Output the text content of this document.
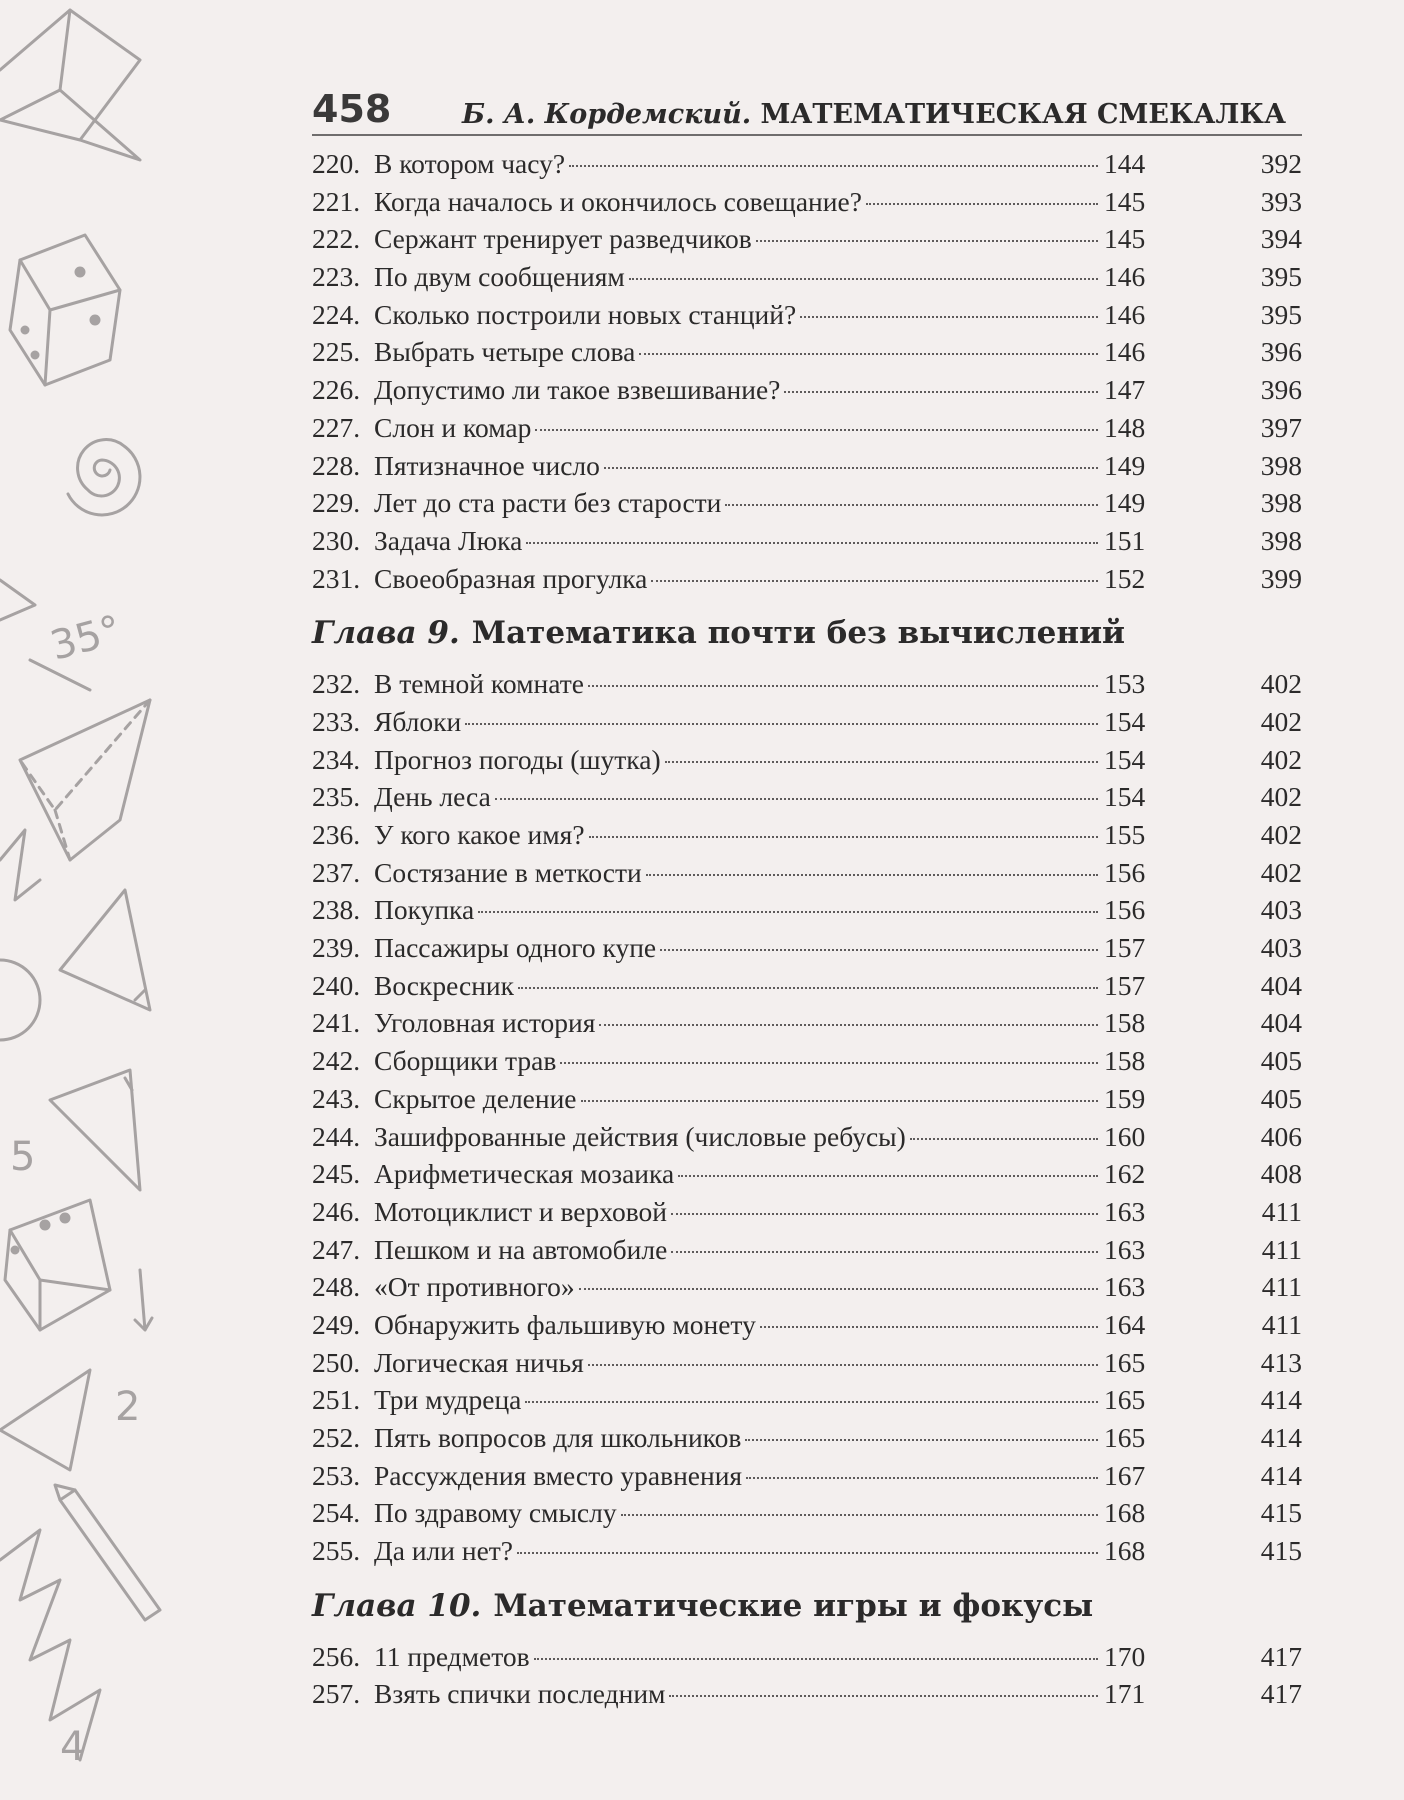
35°
5
2
4
458	Б. А. Кордемский. МАТЕМАТИЧЕСКАЯ СМЕКАЛКА
220. В котором часу?	144	392
221. Когда началось и окончилось совещание?	145	393
222. Сержант тренирует разведчиков	145	394
223. По двум сообщениям	146	395
224. Сколько построили новых станций?	146	395
225. Выбрать четыре слова	146	396
226. Допустимо ли такое взвешивание?	147	396
227. Слон и комар	148	397
228. Пятизначное число	149	398
229. Лет до ста расти без старости	149	398
230. Задача Люка	151	398
231. Своеобразная прогулка	152	399
Глава 9. Математика почти без вычислений
232. В темной комнате	153	402
233. Яблоки	154	402
234. Прогноз погоды (шутка)	154	402
235. День леса	154	402
236. У кого какое имя?	155	402
237. Состязание в меткости	156	402
238. Покупка	156	403
239. Пассажиры одного купе	157	403
240. Воскресник	157	404
241. Уголовная история	158	404
242. Сборщики трав	158	405
243. Скрытое деление	159	405
244. Зашифрованные действия (числовые ребусы)	160	406
245. Арифметическая мозаика	162	408
246. Мотоциклист и верховой	163	411
247. Пешком и на автомобиле	163	411
248. «От противного»	163	411
249. Обнаружить фальшивую монету	164	411
250. Логическая ничья	165	413
251. Три мудреца	165	414
252. Пять вопросов для школьников	165	414
253. Рассуждения вместо уравнения	167	414
254. По здравому смыслу	168	415
255. Да или нет?	168	415
Глава 10. Математические игры и фокусы
256. 11 предметов	170	417
257. Взять спички последним	171	417
